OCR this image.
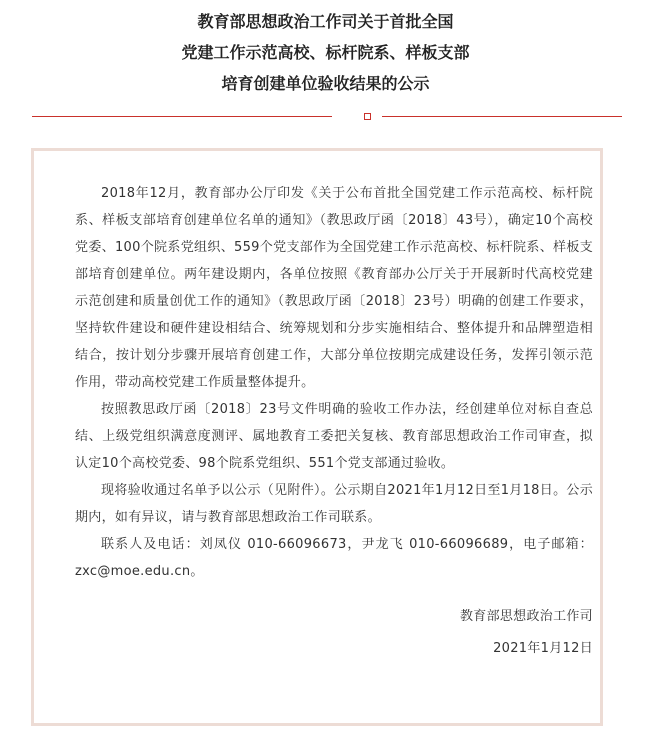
教育部思想政治工作司关于首批全国
党建工作示范高校、标杆院系、样板支部
培育创建单位验收结果的公示

2018年12月，教育部办公厅印发《关于公布首批全国党建工作示范高校、标杆院系、样板支部培育创建单位名单的通知》（教思政厅函〔2018〕43号），确定10个高校党委、100个院系党组织、559个党支部作为全国党建工作示范高校、标杆院系、样板支部培育创建单位。两年建设期内，各单位按照《教育部办公厅关于开展新时代高校党建示范创建和质量创优工作的通知》（教思政厅函〔2018〕23号）明确的创建工作要求，坚持软件建设和硬件建设相结合、统筹规划和分步实施相结合、整体提升和品牌塑造相结合，按计划分步骤开展培育创建工作，大部分单位按期完成建设任务，发挥引领示范作用，带动高校党建工作质量整体提升。

按照教思政厅函〔2018〕23号文件明确的验收工作办法，经创建单位对标自查总结、上级党组织满意度测评、属地教育工委把关复核、教育部思想政治工作司审查，拟认定10个高校党委、98个院系党组织、551个党支部通过验收。

现将验收通过名单予以公示（见附件）。公示期自2021年1月12日至1月18日。公示期内，如有异议，请与教育部思想政治工作司联系。

联系人及电话：刘凤仪 010-66096673，尹龙飞 010-66096689，电子邮箱：zxc@moe.edu.cn。

教育部思想政治工作司

2021年1月12日
